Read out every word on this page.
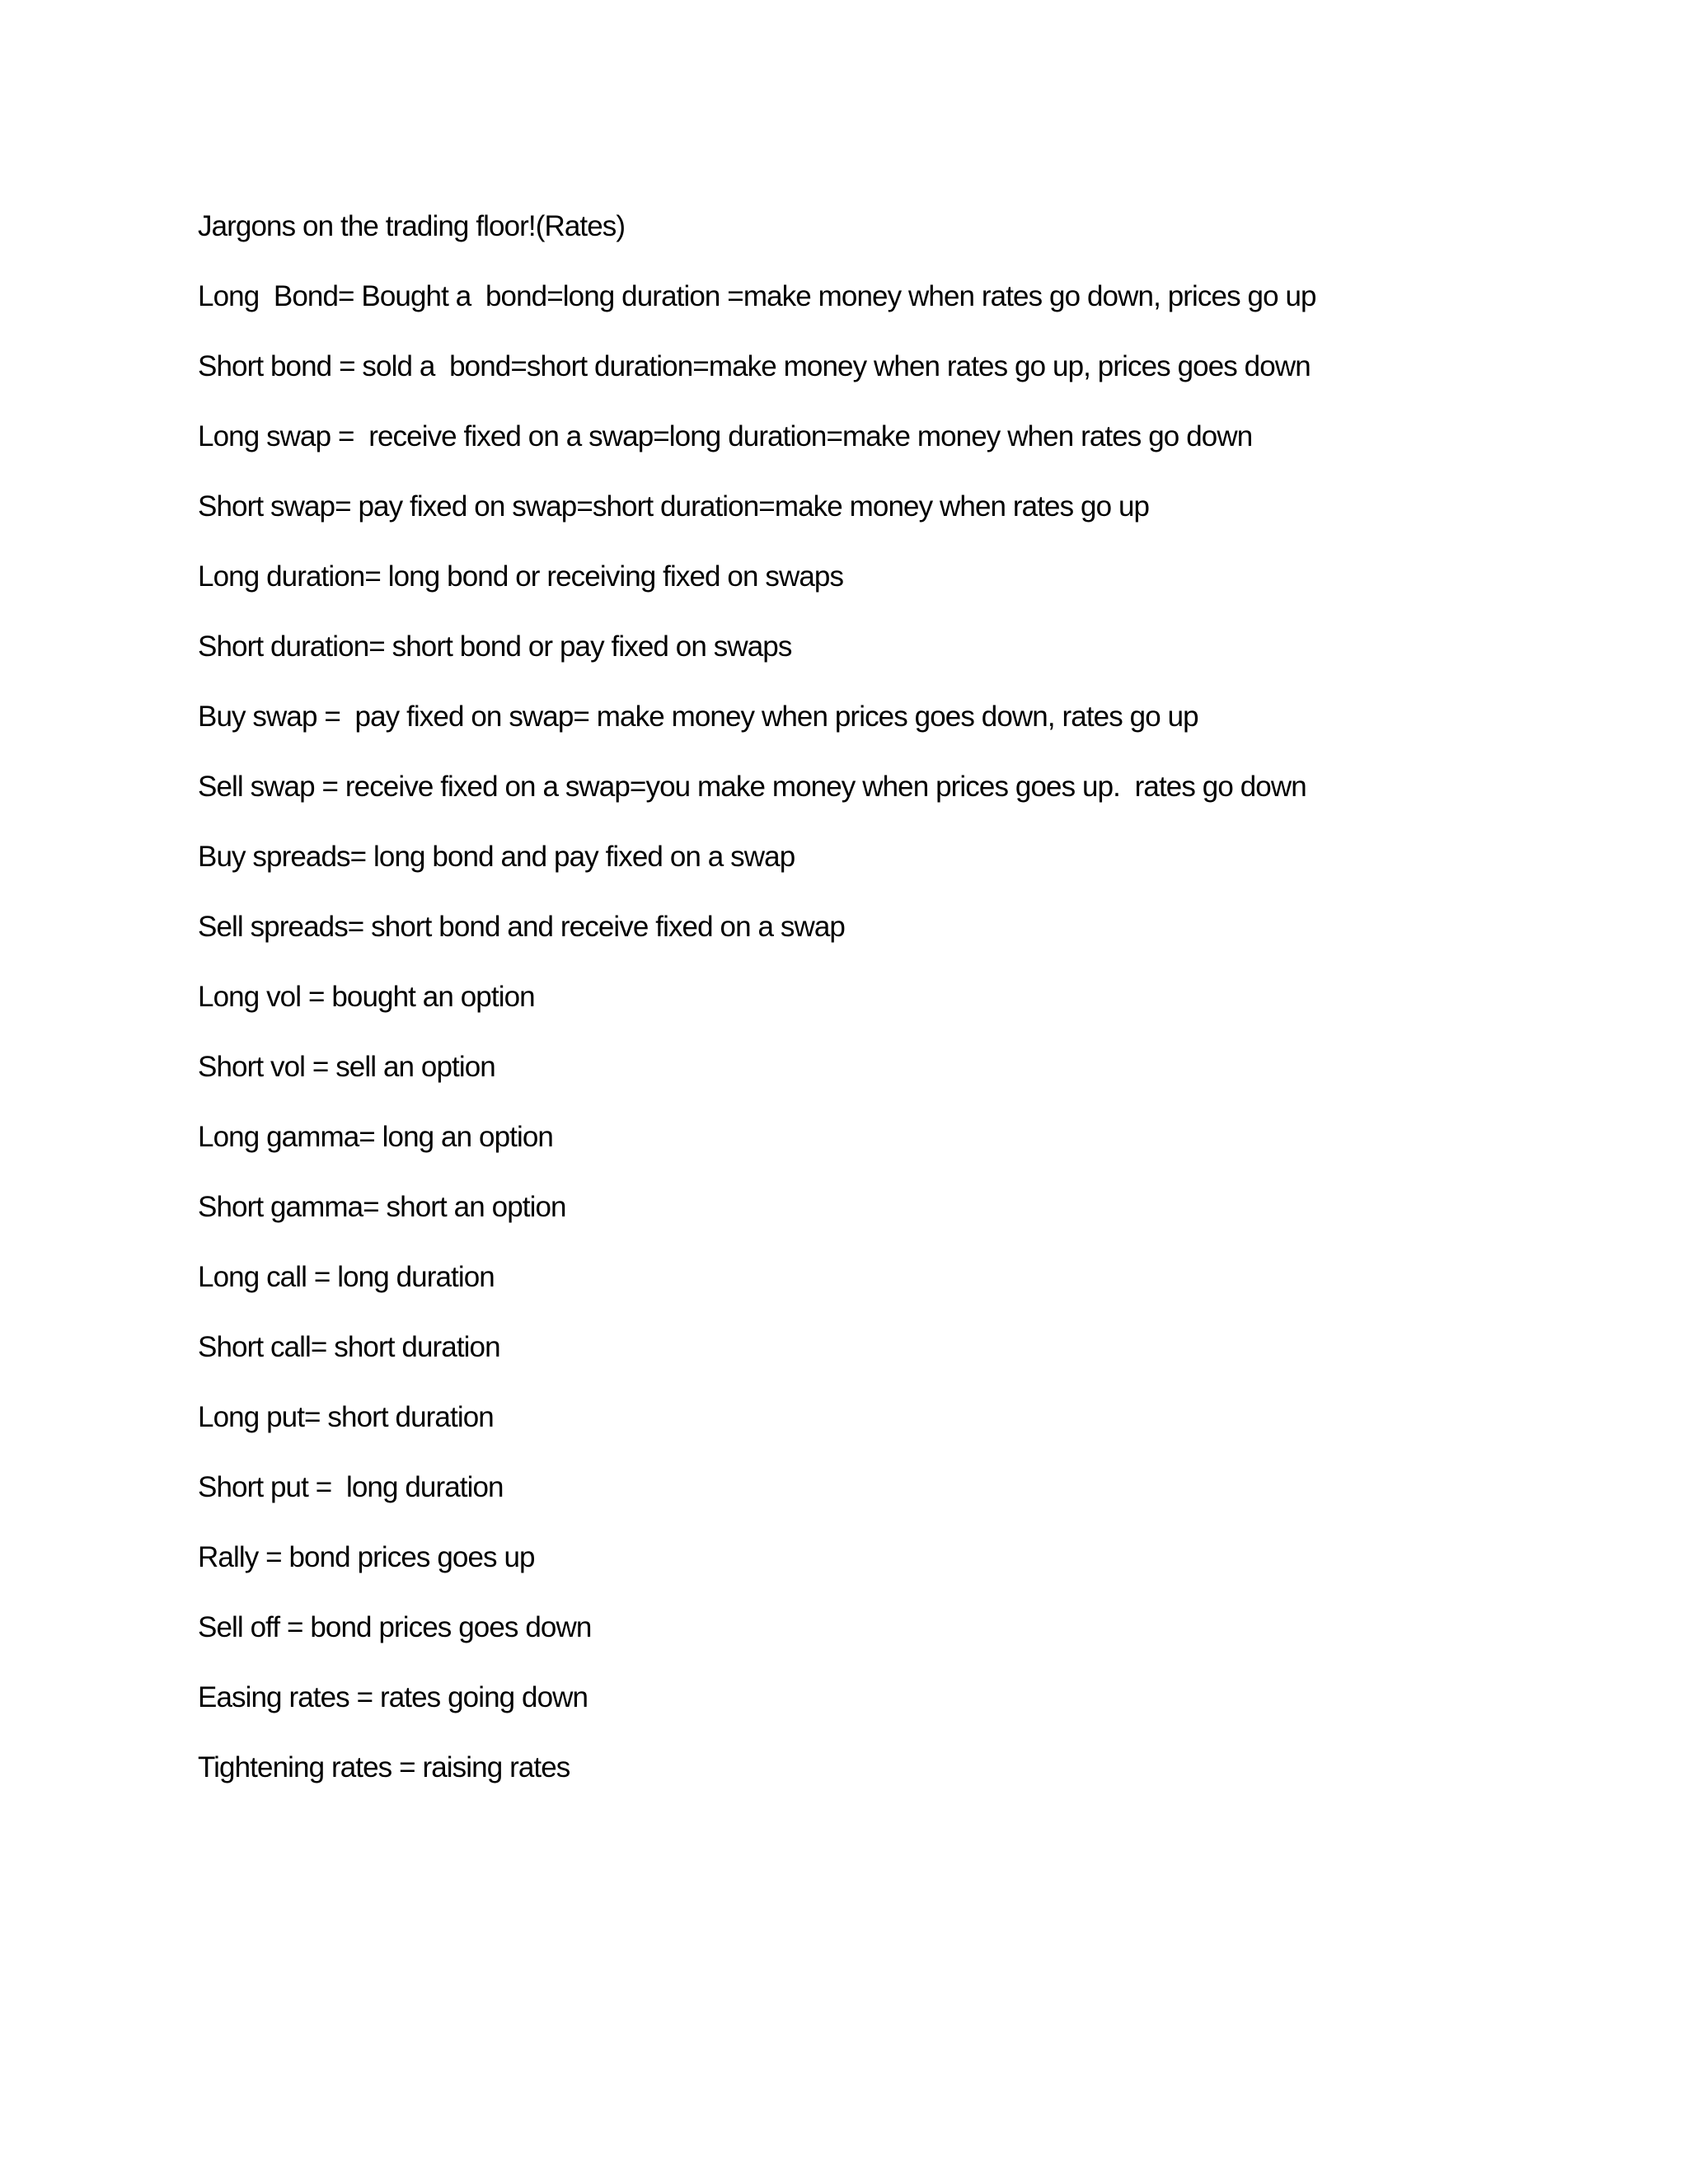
Jargons on the trading floor!(Rates)
Long  Bond= Bought a  bond=long duration =make money when rates go down, prices go up
Short bond = sold a  bond=short duration=make money when rates go up, prices goes down
Long swap =  receive fixed on a swap=long duration=make money when rates go down
Short swap= pay fixed on swap=short duration=make money when rates go up
Long duration= long bond or receiving fixed on swaps
Short duration= short bond or pay fixed on swaps
Buy swap =  pay fixed on swap= make money when prices goes down, rates go up
Sell swap = receive fixed on a swap=you make money when prices goes up.  rates go down
Buy spreads= long bond and pay fixed on a swap
Sell spreads= short bond and receive fixed on a swap
Long vol = bought an option
Short vol = sell an option
Long gamma= long an option
Short gamma= short an option
Long call = long duration
Short call= short duration
Long put= short duration
Short put =  long duration
Rally = bond prices goes up
Sell off = bond prices goes down
Easing rates = rates going down
Tightening rates = raising rates
